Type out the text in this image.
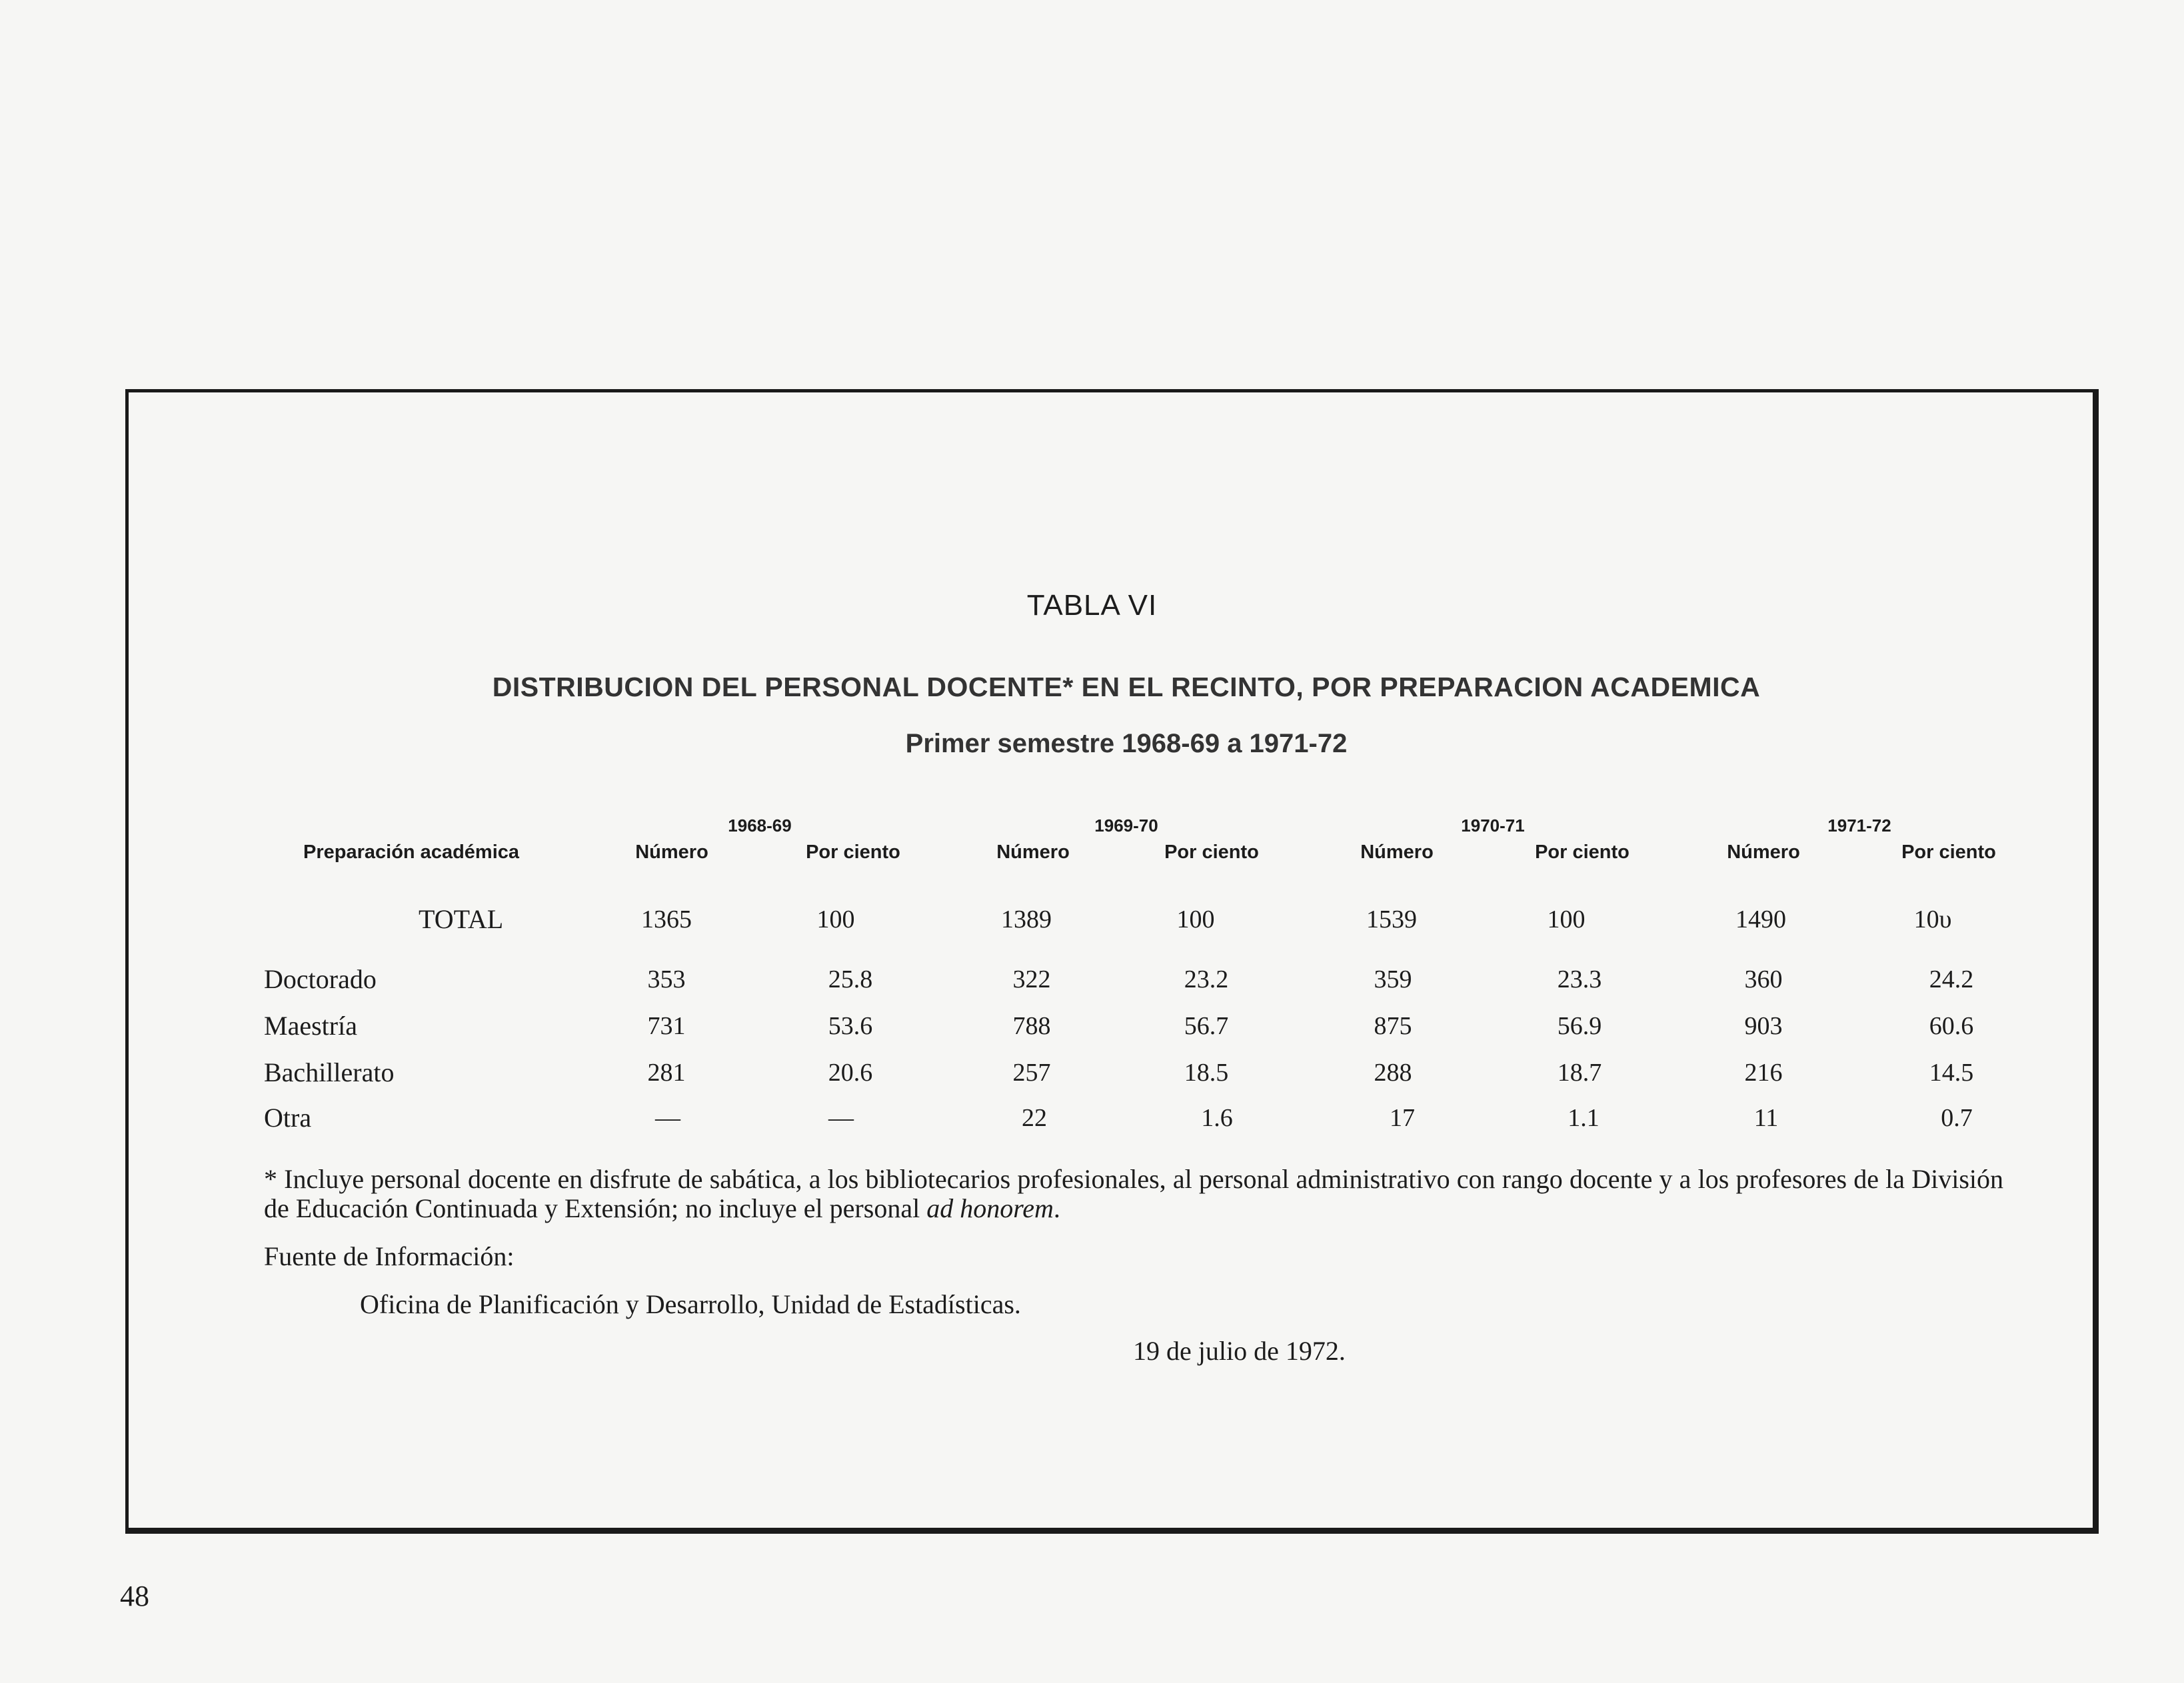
TABLA VI
DISTRIBUCION DEL PERSONAL DOCENTE* EN EL RECINTO, POR PREPARACION ACADEMICA
Primer semestre 1968-69 a 1971-72
Preparación académica
1968-69	1969-70	1970-71	1971-72
Número	Por ciento	Número	Por ciento	Número	Por ciento	Número	Por ciento
TOTAL	1365	100	1389	100	1539	100	1490	10υ
Doctorado	353	25.8	322	23.2	359	23.3	360	24.2
Maestría	731	53.6	788	56.7	875	56.9	903	60.6
Bachillerato	281	20.6	257	18.5	288	18.7	216	14.5
Otra	—	—	22	1.6	17	1.1	11	0.7
* Incluye personal docente en disfrute de sabática, a los bibliotecarios profesionales, al personal administrativo con rango docente y a los profesores de la División de Educación Continuada y Extensión; no incluye el personal ad honorem.
Fuente de Información:
Oficina de Planificación y Desarrollo, Unidad de Estadísticas.
19 de julio de 1972.
48
